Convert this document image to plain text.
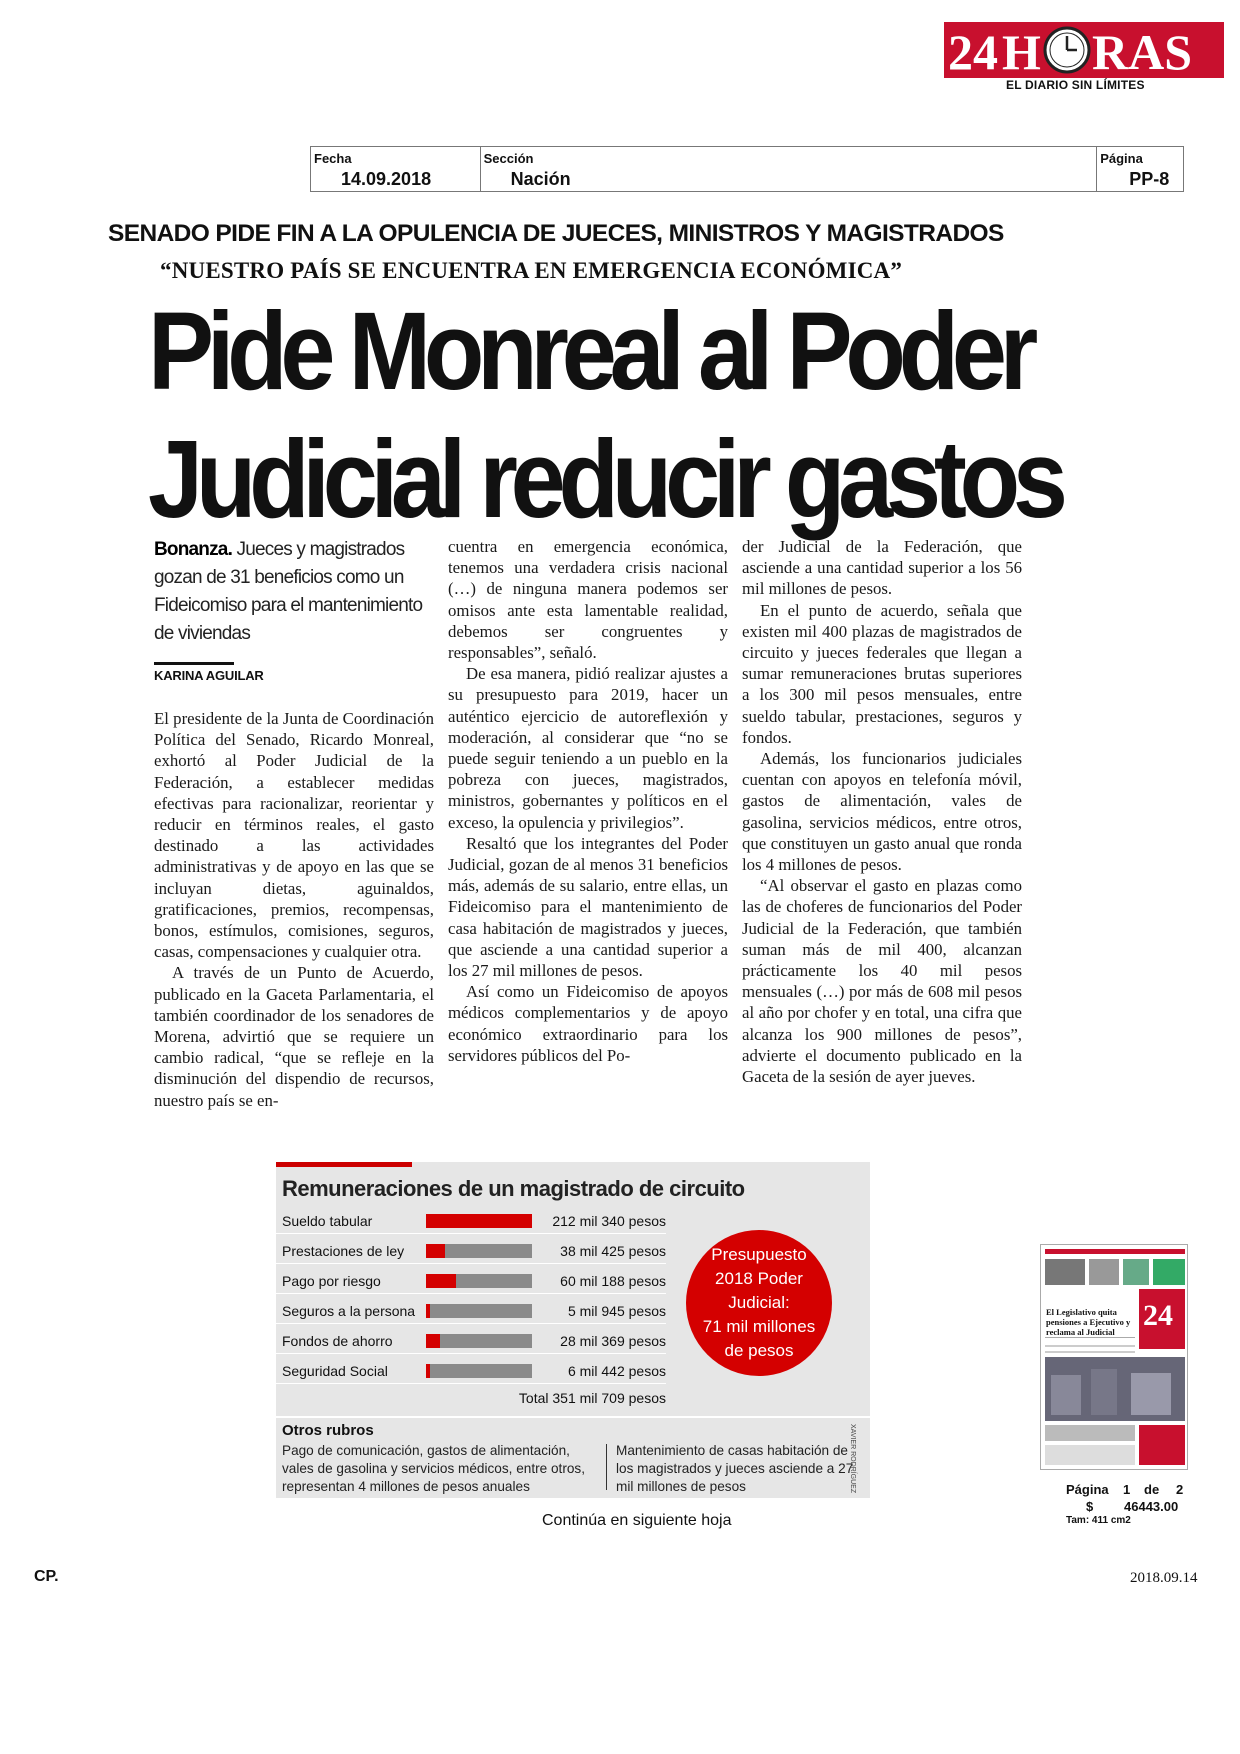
24 H RAS
EL DIARIO SIN LÍMITES
Fecha
14.09.2018
Sección
Nación
Página
PP-8
SENADO PIDE FIN A LA OPULENCIA DE JUECES, MINISTROS Y MAGISTRADOS
“NUESTRO PAÍS SE ENCUENTRA EN EMERGENCIA ECONÓMICA”
Pide Monreal al Poder
Judicial reducir gastos
Bonanza. Jueces y magistrados gozan de 31 beneficios como un Fideicomiso para el mantenimiento de viviendas
KARINA AGUILAR

El presidente de la Junta de Coordinación Política del Senado, Ricardo Monreal, exhortó al Poder Judicial de la Federación, a establecer medidas efectivas para racionalizar, reorientar y reducir en términos reales, el gasto destinado a las actividades administrativas y de apoyo en las que se incluyan dietas, aguinaldos, gratificaciones, premios, recompensas, bonos, estímulos, comisiones, seguros, casas, compensaciones y cualquier otra.

A través de un Punto de Acuerdo, publicado en la Gaceta Parlamentaria, el también coordinador de los senadores de Morena, advirtió que se requiere un cambio radical, “que se refleje en la disminución del dispendio de recursos, nuestro país se en-

cuentra en emergencia económica, tenemos una verdadera crisis nacional (…) de ninguna manera podemos ser omisos ante esta lamentable realidad, debemos ser congruentes y responsables”, señaló.

De esa manera, pidió realizar ajustes a su presupuesto para 2019, hacer un auténtico ejercicio de autoreflexión y moderación, al considerar que “no se puede seguir teniendo a un pueblo en la pobreza con jueces, magistrados, ministros, gobernantes y políticos en el exceso, la opulencia y privilegios”.

Resaltó que los integrantes del Poder Judicial, gozan de al menos 31 beneficios más, además de su salario, entre ellas, un Fideicomiso para el mantenimiento de casa habitación de magistrados y jueces, que asciende a una cantidad superior a los 27 mil millones de pesos.

Así como un Fideicomiso de apoyos médicos complementarios y de apoyo económico extraordinario para los servidores públicos del Po-

der Judicial de la Federación, que asciende a una cantidad superior a los 56 mil millones de pesos.

En el punto de acuerdo, señala que existen mil 400 plazas de magistrados de circuito y jueces federales que llegan a sumar remuneraciones brutas superiores a los 300 mil pesos mensuales, entre sueldo tabular, prestaciones, seguros y fondos.

Además, los funcionarios judiciales cuentan con apoyos en telefonía móvil, gastos de alimentación, vales de gasolina, servicios médicos, entre otros, que constituyen un gasto anual que ronda los 4 millones de pesos.

“Al observar el gasto en plazas como las de choferes de funcionarios del Poder Judicial de la Federación, que también suman más de mil 400, alcanzan prácticamente los 40 mil pesos mensuales (…) por más de 608 mil pesos al año por chofer y en total, una cifra que alcanza los 900 millones de pesos”, advierte el documento publicado en la Gaceta de la sesión de ayer jueves.

Remuneraciones de un magistrado de circuito
Sueldo tabular	212 mil 340 pesos
Prestaciones de ley	38 mil 425 pesos
Pago por riesgo	60 mil 188 pesos
Seguros a la persona	5 mil 945 pesos
Fondos de ahorro	28 mil 369 pesos
Seguridad Social	6 mil 442 pesos
Total 351 mil 709 pesos
Presupuesto
2018 Poder
Judicial:
71 mil millones
de pesos
Otros rubros
Pago de comunicación, gastos de alimentación, vales de gasolina y servicios médicos, entre otros, representan 4 millones de pesos anuales
Mantenimiento de casas habitación de los magistrados y jueces asciende a 27 mil millones de pesos	XAVIER RODRÍGUEZ
Continúa en siguiente hoja
24
El Legislativo quita pensiones a Ejecutivo y reclama al Judicial
Página 1 de 2
$ 46443.00
Tam: 411 cm2
CP.	2018.09.14
